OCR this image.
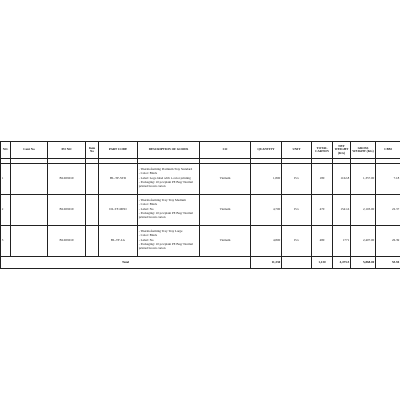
NO.	Cont No	PO NO	Item No	PART CODE	DESCRIPTION OF GOODS	CO	QUANTITY	UNIT	TOTAL CARTON	NET WEIGHT (KG)	GROSS WEIGHT (KG)	CBM

1		BLZ09019		BL-TP-STD	- Thermoforming Premium Tray Standard
- Color: Black
- Label: Logo label with 1-color printing
- Packaging: 10 pcs/plain PE Bag/ Normal
printed brown carton	Vietnam	1,800	Pcs	180	1162.8	1,357.00	7.18
2		BLZ09019		DL-TF-MED	- Thermoforming Tray Tray Medium
- Color: Black
- Label: No
- Packaging: 10 pcs/plain PE Bag/ Normal
printed brown carton	Vietnam	4,700	Pcs	470	1541.6	2,103.00	22.37
3		BLZ09019		BL-TF-LG	- Thermoforming Tray Tray Large
- Color: Black
- Label: No
- Packaging: 10 pcs/plain PE Bag/ Normal
printed brown carton	Vietnam	4,800	Pcs	480	1771	2,407.00	26.39
Total							11,330		1,130	4,475.5	5,868.00	55.94
